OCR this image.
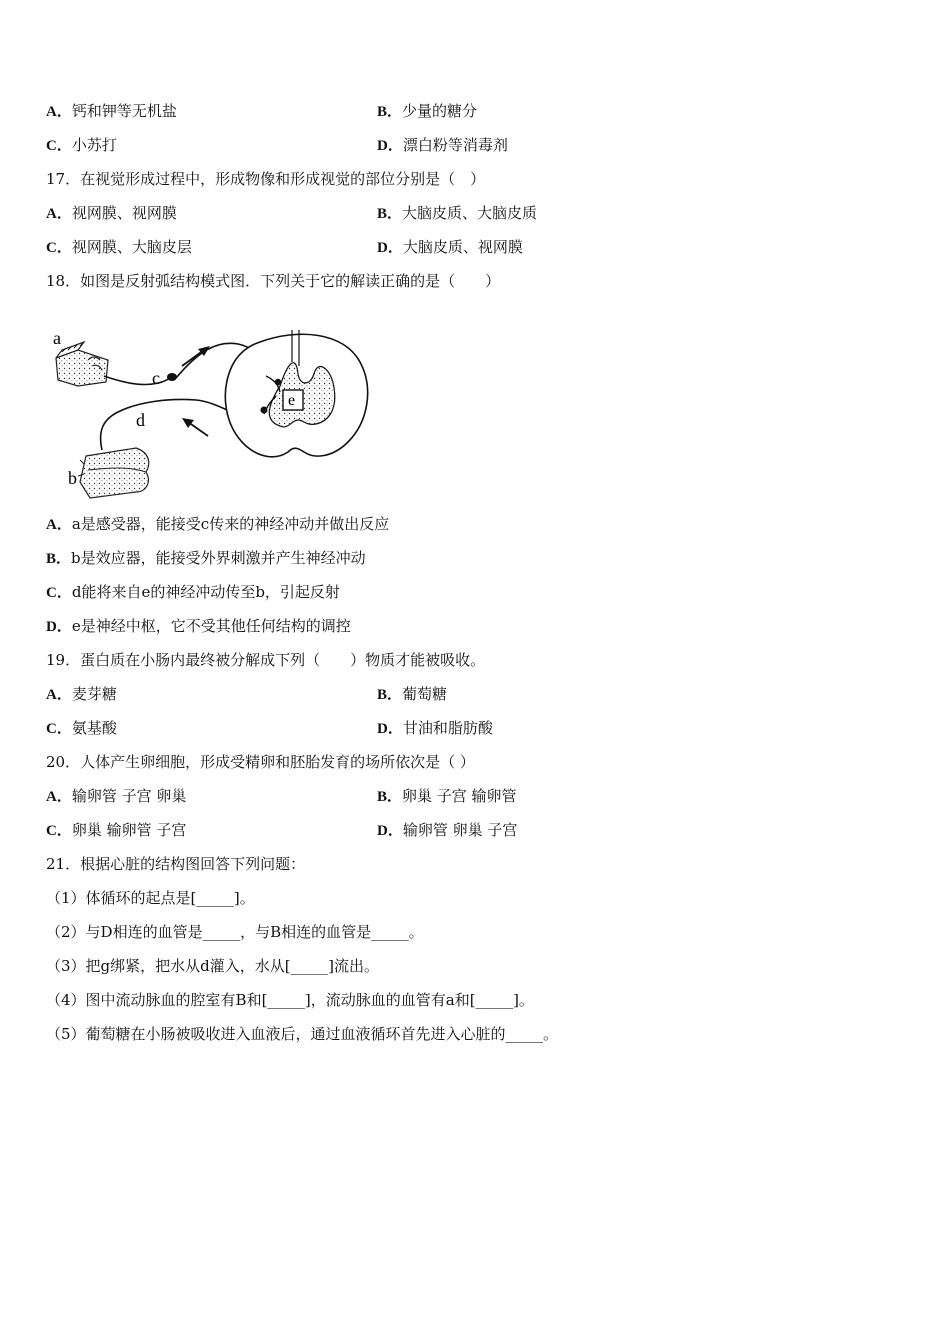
A．钙和钾等无机盐	B．少量的糖分
C．小苏打	D．漂白粉等消毒剂
17．在视觉形成过程中，形成物像和形成视觉的部位分别是（　）
A．视网膜、视网膜	B．大脑皮质、大脑皮质
C．视网膜、大脑皮层	D．大脑皮质、视网膜
18．如图是反射弧结构模式图．下列关于它的解读正确的是（　　）
a
b
c
d
e
A．a是感受器，能接受c传来的神经冲动并做出反应
B．b是效应器，能接受外界刺激并产生神经冲动
C．d能将来自e的神经冲动传至b，引起反射
D．e是神经中枢，它不受其他任何结构的调控
19．蛋白质在小肠内最终被分解成下列（　　）物质才能被吸收。
A．麦芽糖	B．葡萄糖
C．氨基酸	D．甘油和脂肪酸
20．人体产生卵细胞，形成受精卵和胚胎发育的场所依次是（ ）
A．输卵管 子宫 卵巢	B．卵巢 子宫 输卵管
C．卵巢 输卵管 子宫	D．输卵管 卵巢 子宫
21．根据心脏的结构图回答下列问题：
（1）体循环的起点是[_____]。
（2）与D相连的血管是_____，与B相连的血管是_____。
（3）把g绑紧，把水从d灌入，水从[_____]流出。
（4）图中流动脉血的腔室有B和[_____]，流动脉血的血管有a和[_____]。
（5）葡萄糖在小肠被吸收进入血液后，通过血液循环首先进入心脏的_____。
